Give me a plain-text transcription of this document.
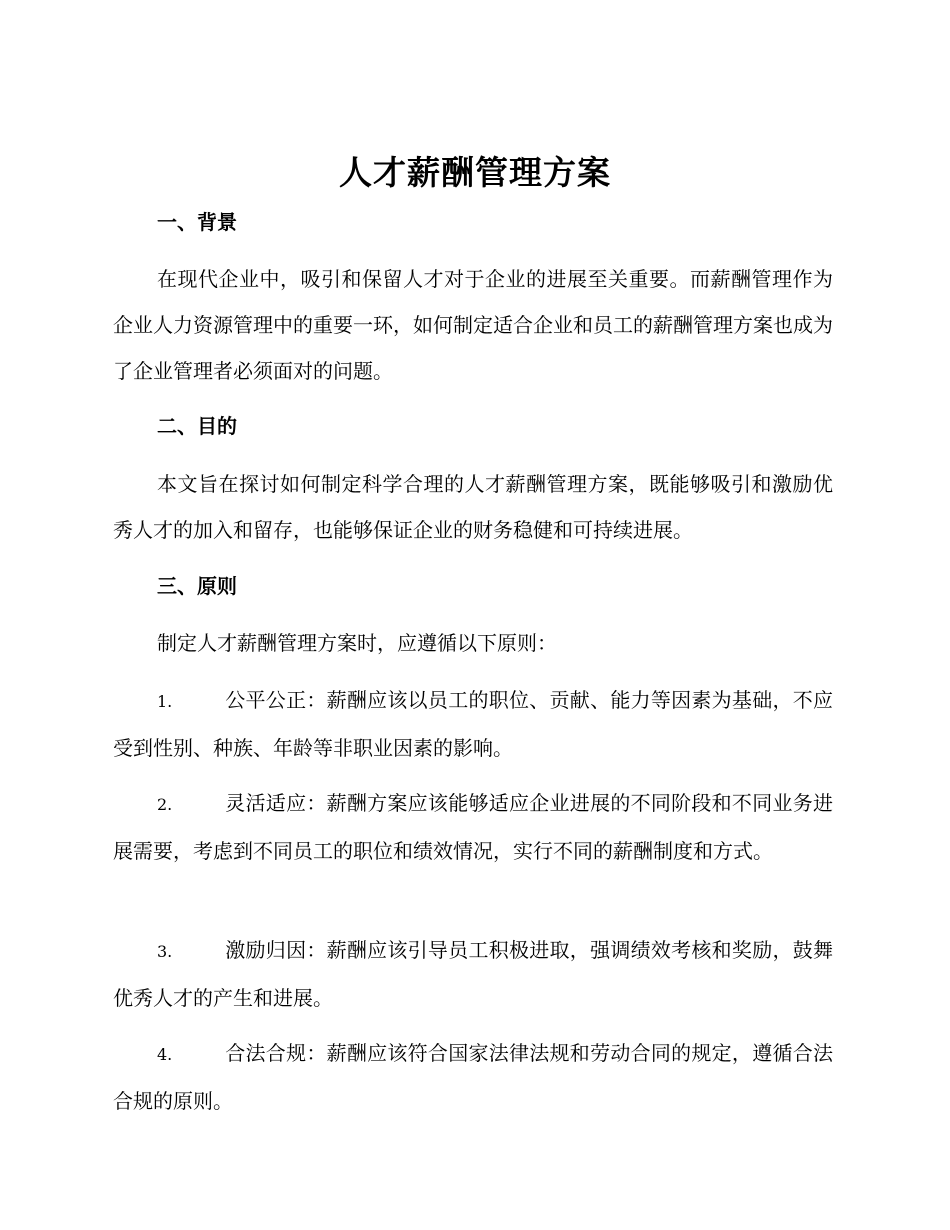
人才薪酬管理方案
一、背景
在现代企业中，吸引和保留人才对于企业的进展至关重要。而薪酬管理作为企业人力资源管理中的重要一环，如何制定适合企业和员工的薪酬管理方案也成为了企业管理者必须面对的问题。
二、目的
本文旨在探讨如何制定科学合理的人才薪酬管理方案，既能够吸引和激励优秀人才的加入和留存，也能够保证企业的财务稳健和可持续进展。
三、原则
制定人才薪酬管理方案时，应遵循以下原则：
1.	公平公正：薪酬应该以员工的职位、贡献、能力等因素为基础，不应受到性别、种族、年龄等非职业因素的影响。
2.	灵活适应：薪酬方案应该能够适应企业进展的不同阶段和不同业务进展需要，考虑到不同员工的职位和绩效情况，实行不同的薪酬制度和方式。
3.	激励归因：薪酬应该引导员工积极进取，强调绩效考核和奖励，鼓舞优秀人才的产生和进展。
4.	合法合规：薪酬应该符合国家法律法规和劳动合同的规定，遵循合法合规的原则。
